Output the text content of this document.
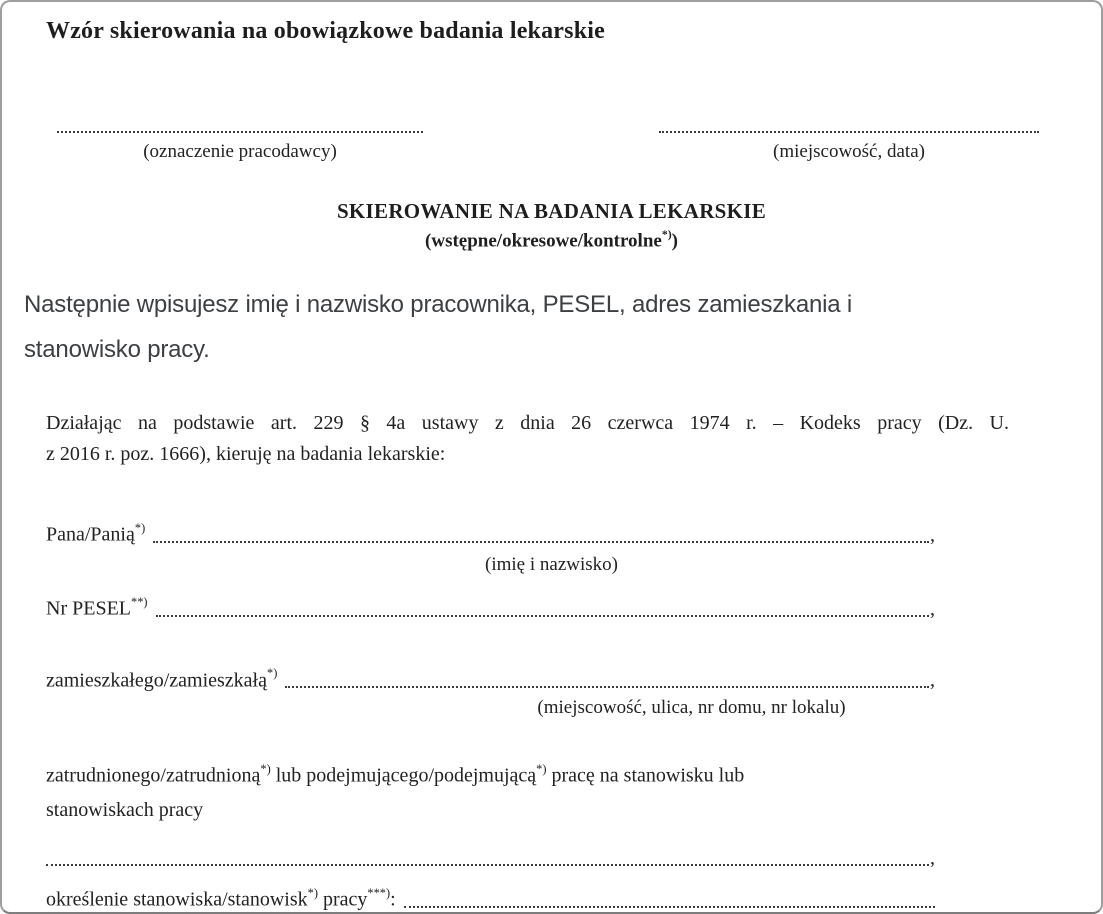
Wzór skierowania na obowiązkowe badania lekarskie
(oznaczenie pracodawcy)	(miejscowość, data)
SKIEROWANIE NA BADANIA LEKARSKIE
(wstępne/okresowe/kontrolne*))
Następnie wpisujesz imię i nazwisko pracownika, PESEL, adres zamieszkania i
stanowisko pracy.
Działając na podstawie art. 229 § 4a ustawy z dnia 26 czerwca 1974 r. – Kodeks pracy (Dz. U.
z 2016 r. poz. 1666), kieruję na badania lekarskie:
Pana/Panią*)	,
(imię i nazwisko)
Nr PESEL**)	,
zamieszkałego/zamieszkałą*)	,
(miejscowość, ulica, nr domu, nr lokalu)
zatrudnionego/zatrudnioną*) lub podejmującego/podejmującą*) pracę na stanowisku lub
stanowiskach pracy
,
określenie stanowiska/stanowisk*) pracy***):
